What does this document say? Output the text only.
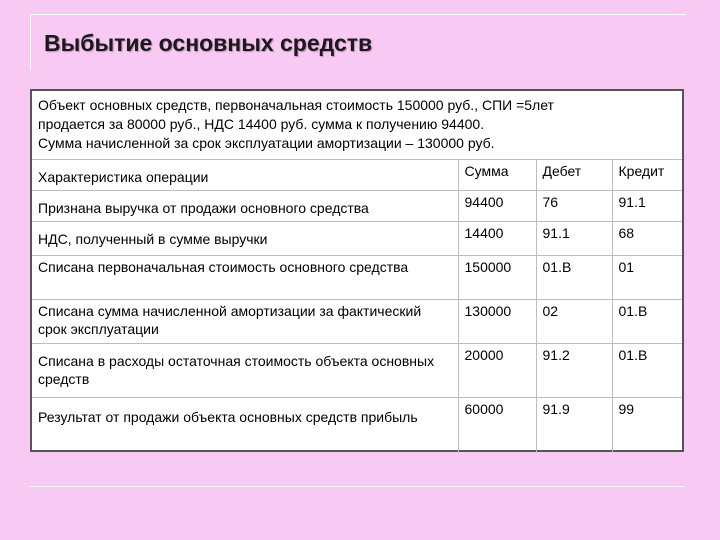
Выбытие основных средств
Объект основных средств, первоначальная стоимость 150000 руб., СПИ =5лет
продается за 80000 руб., НДС 14400 руб. сумма к получению 94400.
Сумма начисленной за срок эксплуатации амортизации – 130000 руб.
Характеристика операции	Сумма	Дебет	Кредит
Признана выручка от продажи основного средства	94400	76	91.1
НДС, полученный в сумме выручки	14400	91.1	68
Списана первоначальная стоимость основного средства	150000	01.В	01
Списана сумма начисленной амортизации за фактический срок эксплуатации	130000	02	01.В
Списана в расходы остаточная стоимость объекта основных средств	20000	91.2	01.В
Результат от продажи объекта основных средств прибыль	60000	91.9	99
